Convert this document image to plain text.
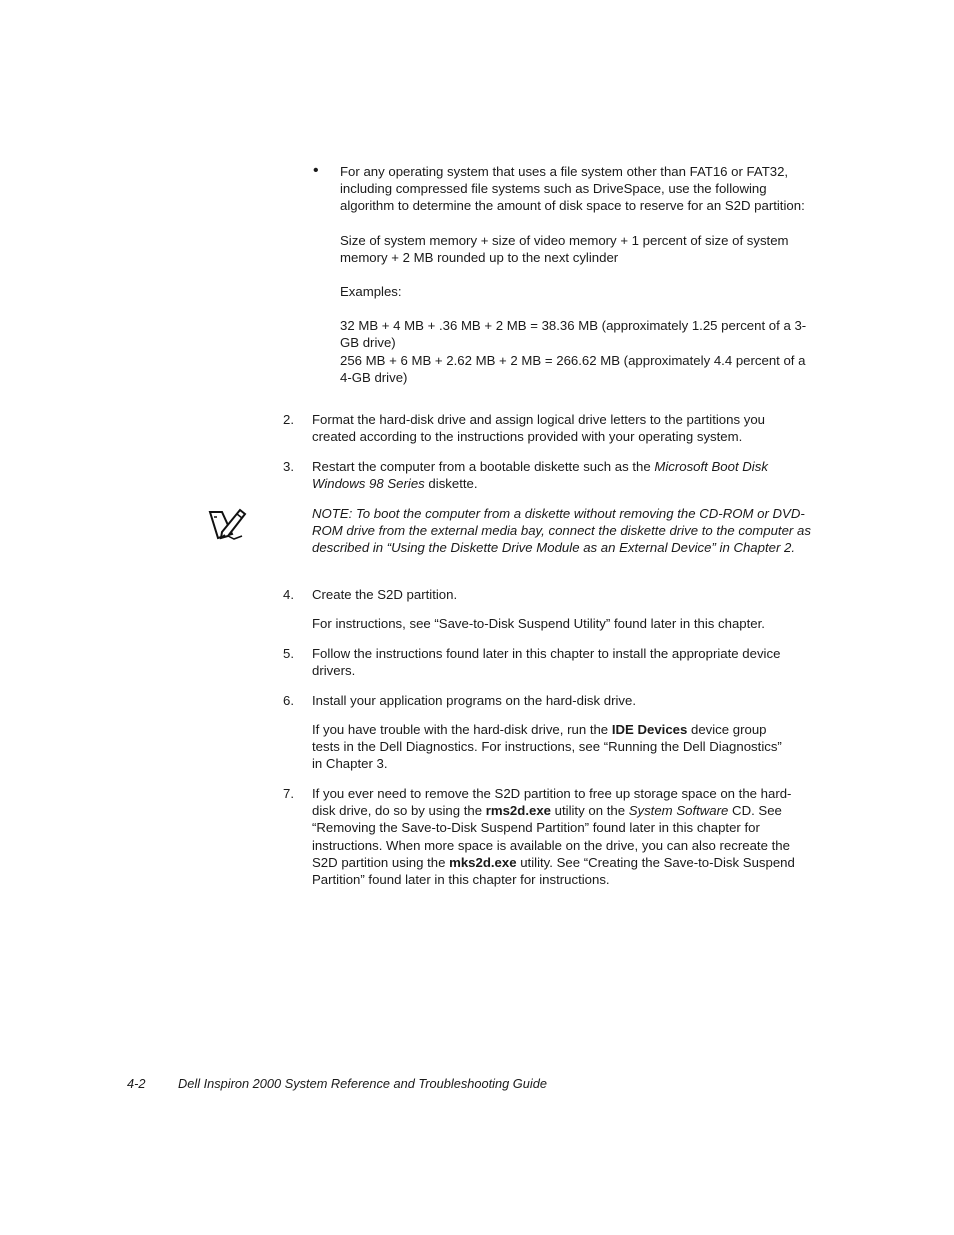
• For any operating system that uses a file system other than FAT16 or FAT32, including compressed file systems such as DriveSpace, use the following algorithm to determine the amount of disk space to reserve for an S2D partition:

Size of system memory + size of video memory + 1 percent of size of system memory + 2 MB rounded up to the next cylinder

Examples:

32 MB + 4 MB + .36 MB + 2 MB = 38.36 MB (approximately 1.25 percent of a 3-GB drive)

256 MB + 6 MB + 2.62 MB + 2 MB = 266.62 MB (approximately 4.4 percent of a 4-GB drive)

2.	Format the hard-disk drive and assign logical drive letters to the partitions you created according to the instructions provided with your operating system.
3.	Restart the computer from a bootable diskette such as the Microsoft Boot Disk Windows 98 Series diskette.
NOTE: To boot the computer from a diskette without removing the CD-ROM or DVD-ROM drive from the external media bay, connect the diskette drive to the computer as described in “Using the Diskette Drive Module as an External Device” in Chapter 2.
4.	Create the S2D partition.
For instructions, see “Save-to-Disk Suspend Utility” found later in this chapter.
5.	Follow the instructions found later in this chapter to install the appropriate device drivers.
6.	Install your application programs on the hard-disk drive.
If you have trouble with the hard-disk drive, run the IDE Devices device group tests in the Dell Diagnostics. For instructions, see “Running the Dell Diagnostics” in Chapter 3.
7.	If you ever need to remove the S2D partition to free up storage space on the hard-disk drive, do so by using the rms2d.exe utility on the System Software CD. See “Removing the Save-to-Disk Suspend Partition” found later in this chapter for instructions. When more space is available on the drive, you can also recreate the S2D partition using the mks2d.exe utility. See “Creating the Save-to-Disk Suspend Partition” found later in this chapter for instructions.
4-2	Dell Inspiron 2000 System Reference and Troubleshooting Guide
